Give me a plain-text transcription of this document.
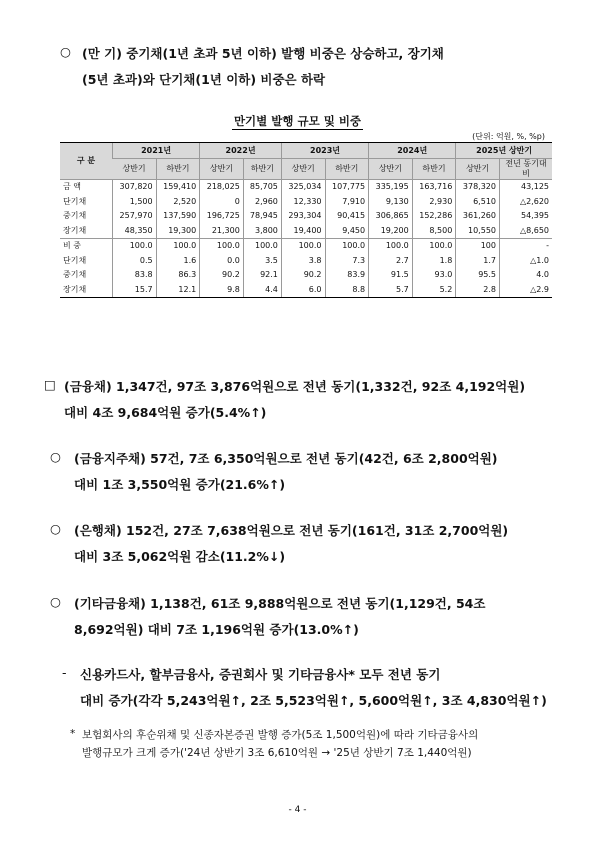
○ (만 기) 중기채(1년 초과 5년 이하) 발행 비중은 상승하고, 장기채
(5년 초과)와 단기채(1년 이하) 비중은 하락
만기별 발행 규모 및 비중
(단위: 억원, %, %p)
구 분	2021년		2022년		2023년		2024년		2025년 상반기	
	상반기	하반기	상반기	하반기	상반기	하반기	상반기	하반기	상반기	전년 동기대비
금 액	307,820	159,410	218,025	85,705	325,034	107,775	335,195	163,716	378,320	43,125
단기채	1,500	2,520	0	2,960	12,330	7,910	9,130	2,930	6,510	△2,620
중기채	257,970	137,590	196,725	78,945	293,304	90,415	306,865	152,286	361,260	54,395
장기채	48,350	19,300	21,300	3,800	19,400	9,450	19,200	8,500	10,550	△8,650
비 중	100.0	100.0	100.0	100.0	100.0	100.0	100.0	100.0	100	-
단기채	0.5	1.6	0.0	3.5	3.8	7.3	2.7	1.8	1.7	△1.0
중기채	83.8	86.3	90.2	92.1	90.2	83.9	91.5	93.0	95.5	4.0
장기채	15.7	12.1	9.8	4.4	6.0	8.8	5.7	5.2	2.8	△2.9
□ (금융채) 1,347건, 97조 3,876억원으로 전년 동기(1,332건, 92조 4,192억원)
대비 4조 9,684억원 증가(5.4%↑)
○ (금융지주채) 57건, 7조 6,350억원으로 전년 동기(42건, 6조 2,800억원)
대비 1조 3,550억원 증가(21.6%↑)
○ (은행채) 152건, 27조 7,638억원으로 전년 동기(161건, 31조 2,700억원)
대비 3조 5,062억원 감소(11.2%↓)
○ (기타금융채) 1,138건, 61조 9,888억원으로 전년 동기(1,129건, 54조
8,692억원) 대비 7조 1,196억원 증가(13.0%↑)
- 신용카드사, 할부금융사, 증권회사 및 기타금융사* 모두 전년 동기
대비 증가(각각 5,243억원↑, 2조 5,523억원↑, 5,600억원↑, 3조 4,830억원↑)
* 보험회사의 후순위채 및 신종자본증권 발행 증가(5조 1,500억원)에 따라 기타금융사의
발행규모가 크게 증가('24년 상반기 3조 6,610억원 → '25년 상반기 7조 1,440억원)
- 4 -
